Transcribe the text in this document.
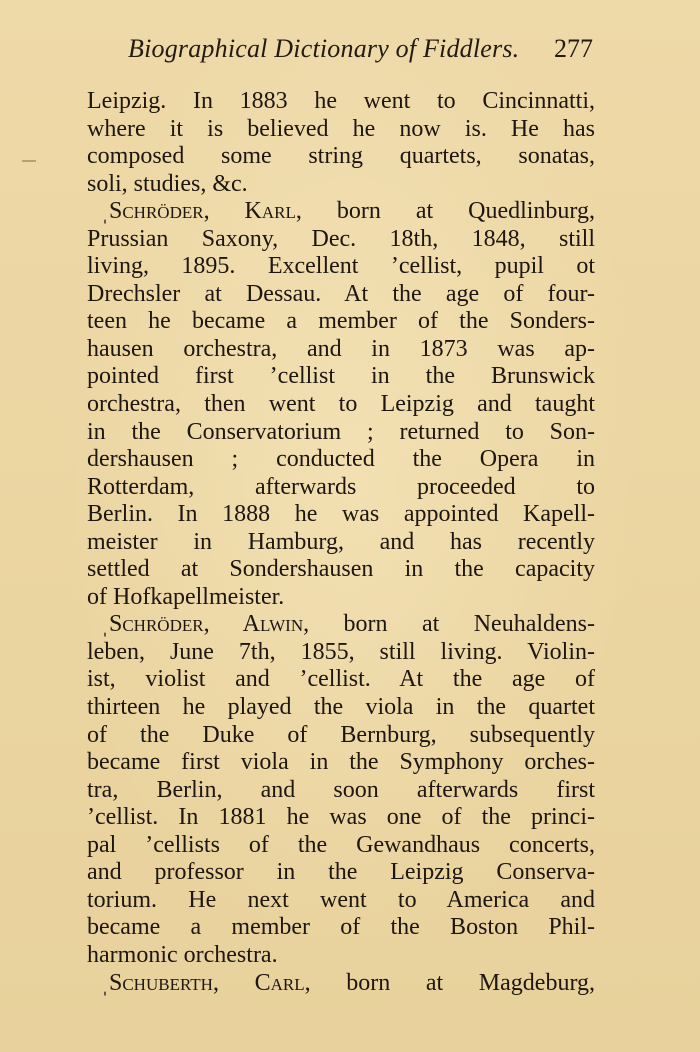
Biographical Dictionary of Fiddlers. 277
Leipzig. In 1883 he went to Cincinnatti,
where it is believed he now is. He has
composed some string quartets, sonatas,
soli, studies, &c.
ˌSchröder, Karl, born at Quedlinburg,
Prussian Saxony, Dec. 18th, 1848, still
living, 1895. Excellent ’cellist, pupil ot
Drechsler at Dessau. At the age of four-
teen he became a member of the Sonders-
hausen orchestra, and in 1873 was ap-
pointed first ’cellist in the Brunswick
orchestra, then went to Leipzig and taught
in the Conservatorium ; returned to Son-
dershausen ; conducted the Opera in
Rotterdam, afterwards proceeded to
Berlin. In 1888 he was appointed Kapell-
meister in Hamburg, and has recently
settled at Sondershausen in the capacity
of Hofkapellmeister.
ˌSchröder, Alwin, born at Neuhaldens-
leben, June 7th, 1855, still living. Violin-
ist, violist and ’cellist. At the age of
thirteen he played the viola in the quartet
of the Duke of Bernburg, subsequently
became first viola in the Symphony orches-
tra, Berlin, and soon afterwards first
’cellist. In 1881 he was one of the princi-
pal ’cellists of the Gewandhaus concerts,
and professor in the Leipzig Conserva-
torium. He next went to America and
became a member of the Boston Phil-
harmonic orchestra.
ˌSchuberth, Carl, born at Magdeburg,
